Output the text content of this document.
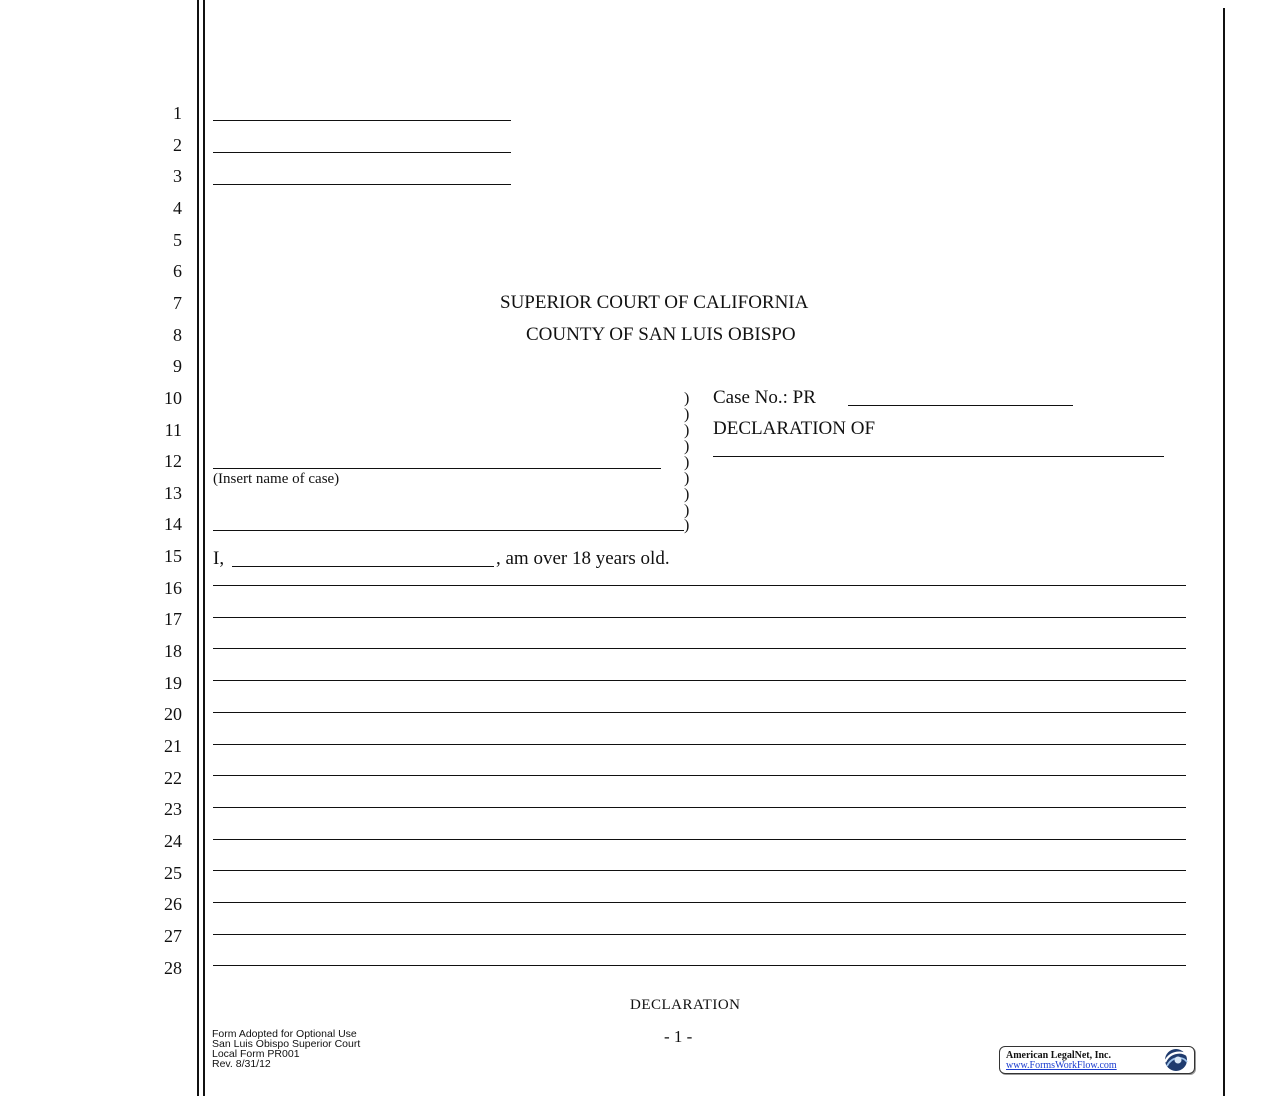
1
2
3
4
5
6
7
8
9
10
11
12
13
14
15
16
17
18
19
20
21
22
23
24
25
26
27
28
SUPERIOR COURT OF CALIFORNIA
COUNTY OF SAN LUIS OBISPO
Case No.: PR
DECLARATION OF
(Insert name of case)
)
)
)
)
)
)
)
)
)
I,	, am over 18 years old.
DECLARATION
- 1 -
Form Adopted for Optional Use
San Luis Obispo Superior Court
Local Form PR001
Rev. 8/31/12
American LegalNet, Inc.
www.FormsWorkFlow.com
